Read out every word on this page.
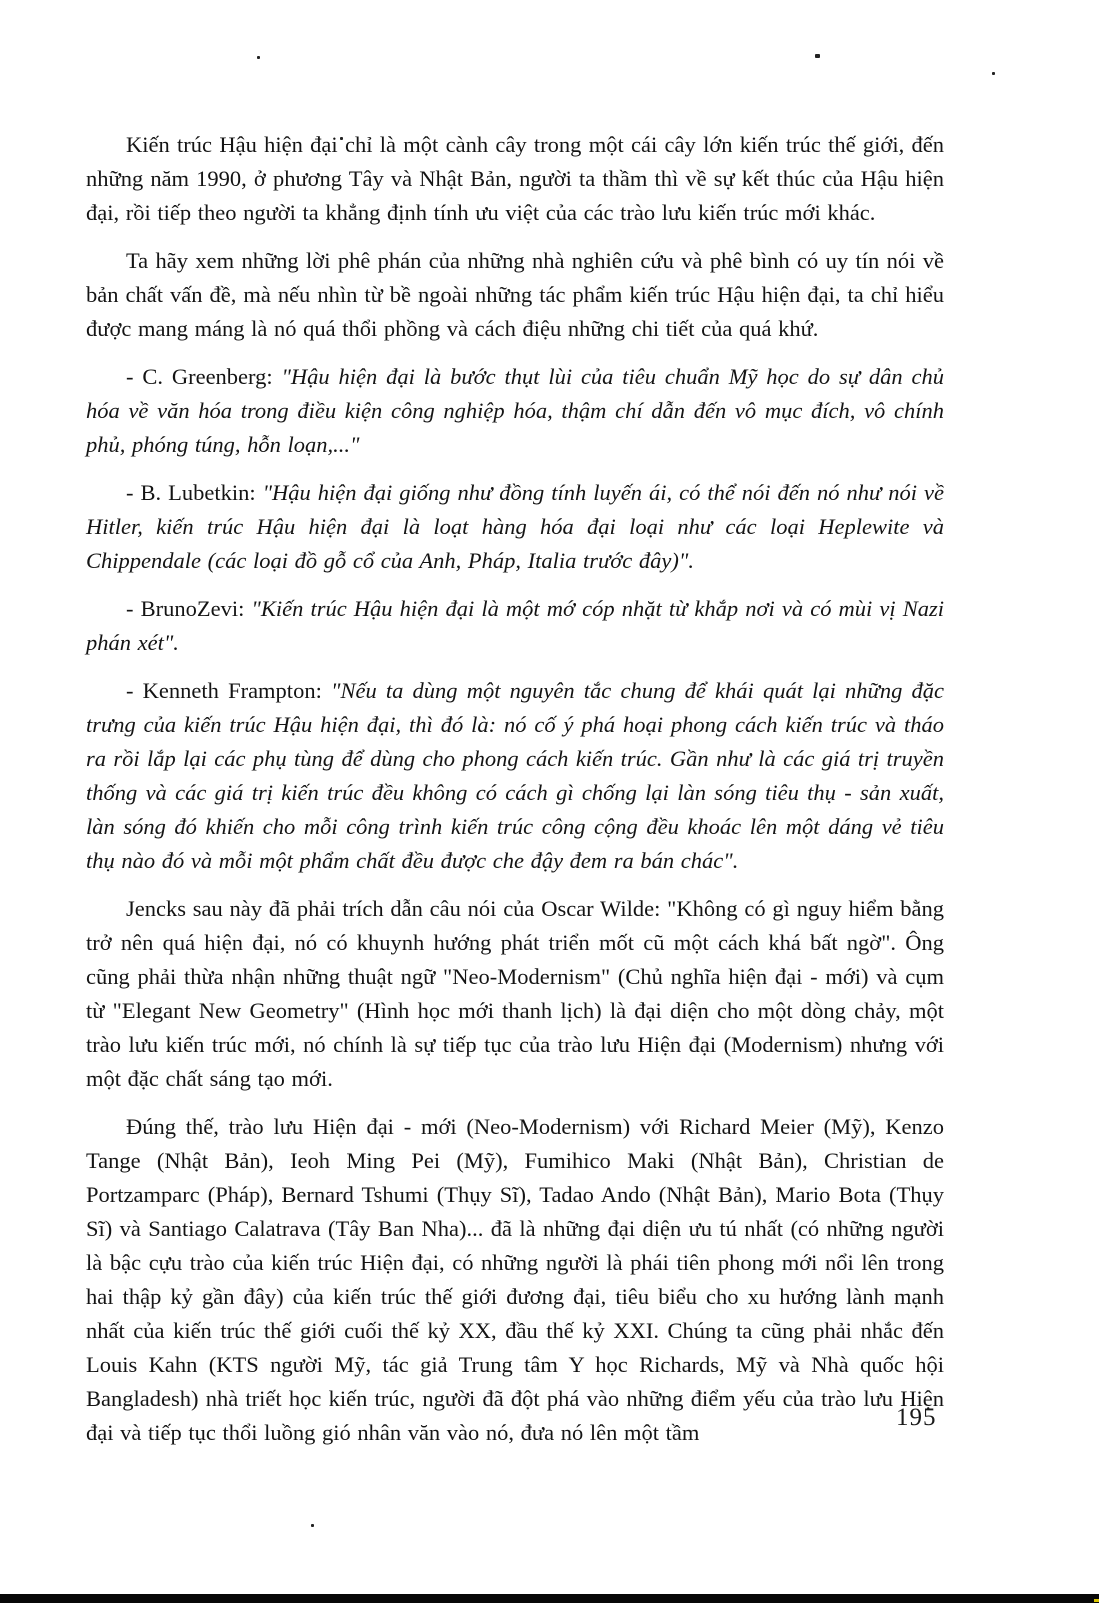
Kiến trúc Hậu hiện đại chỉ là một cành cây trong một cái cây lớn kiến trúc thế giới, đến những năm 1990, ở phương Tây và Nhật Bản, người ta thầm thì về sự kết thúc của Hậu hiện đại, rồi tiếp theo người ta khẳng định tính ưu việt của các trào lưu kiến trúc mới khác.

Ta hãy xem những lời phê phán của những nhà nghiên cứu và phê bình có uy tín nói về bản chất vấn đề, mà nếu nhìn từ bề ngoài những tác phẩm kiến trúc Hậu hiện đại, ta chỉ hiểu được mang máng là nó quá thổi phồng và cách điệu những chi tiết của quá khứ.

- C. Greenberg: "Hậu hiện đại là bước thụt lùi của tiêu chuẩn Mỹ học do sự dân chủ hóa về văn hóa trong điều kiện công nghiệp hóa, thậm chí dẫn đến vô mục đích, vô chính phủ, phóng túng, hỗn loạn,..."

- B. Lubetkin: "Hậu hiện đại giống như đồng tính luyến ái, có thể nói đến nó như nói về Hitler, kiến trúc Hậu hiện đại là loạt hàng hóa đại loại như các loại Heplewite và Chippendale (các loại đồ gỗ cổ của Anh, Pháp, Italia trước đây)".

- BrunoZevi: "Kiến trúc Hậu hiện đại là một mớ cóp nhặt từ khắp nơi và có mùi vị Nazi phán xét".

- Kenneth Frampton: "Nếu ta dùng một nguyên tắc chung để khái quát lại những đặc trưng của kiến trúc Hậu hiện đại, thì đó là: nó cố ý phá hoại phong cách kiến trúc và tháo ra rồi lắp lại các phụ tùng để dùng cho phong cách kiến trúc. Gần như là các giá trị truyền thống và các giá trị kiến trúc đều không có cách gì chống lại làn sóng tiêu thụ - sản xuất, làn sóng đó khiến cho mỗi công trình kiến trúc công cộng đều khoác lên một dáng vẻ tiêu thụ nào đó và mỗi một phẩm chất đều được che đậy đem ra bán chác".

Jencks sau này đã phải trích dẫn câu nói của Oscar Wilde: "Không có gì nguy hiểm bằng trở nên quá hiện đại, nó có khuynh hướng phát triển mốt cũ một cách khá bất ngờ". Ông cũng phải thừa nhận những thuật ngữ "Neo-Modernism" (Chủ nghĩa hiện đại - mới) và cụm từ "Elegant New Geometry" (Hình học mới thanh lịch) là đại diện cho một dòng chảy, một trào lưu kiến trúc mới, nó chính là sự tiếp tục của trào lưu Hiện đại (Modernism) nhưng với một đặc chất sáng tạo mới.

Đúng thế, trào lưu Hiện đại - mới (Neo-Modernism) với Richard Meier (Mỹ), Kenzo Tange (Nhật Bản), Ieoh Ming Pei (Mỹ), Fumihico Maki (Nhật Bản), Christian de Portzamparc (Pháp), Bernard Tshumi (Thụy Sĩ), Tadao Ando (Nhật Bản), Mario Bota (Thụy Sĩ) và Santiago Calatrava (Tây Ban Nha)... đã là những đại diện ưu tú nhất (có những người là bậc cựu trào của kiến trúc Hiện đại, có những người là phái tiên phong mới nổi lên trong hai thập kỷ gần đây) của kiến trúc thế giới đương đại, tiêu biểu cho xu hướng lành mạnh nhất của kiến trúc thế giới cuối thế kỷ XX, đầu thế kỷ XXI. Chúng ta cũng phải nhắc đến Louis Kahn (KTS người Mỹ, tác giả Trung tâm Y học Richards, Mỹ và Nhà quốc hội Bangladesh) nhà triết học kiến trúc, người đã đột phá vào những điểm yếu của trào lưu Hiện đại và tiếp tục thổi luồng gió nhân văn vào nó, đưa nó lên một tầm

195
